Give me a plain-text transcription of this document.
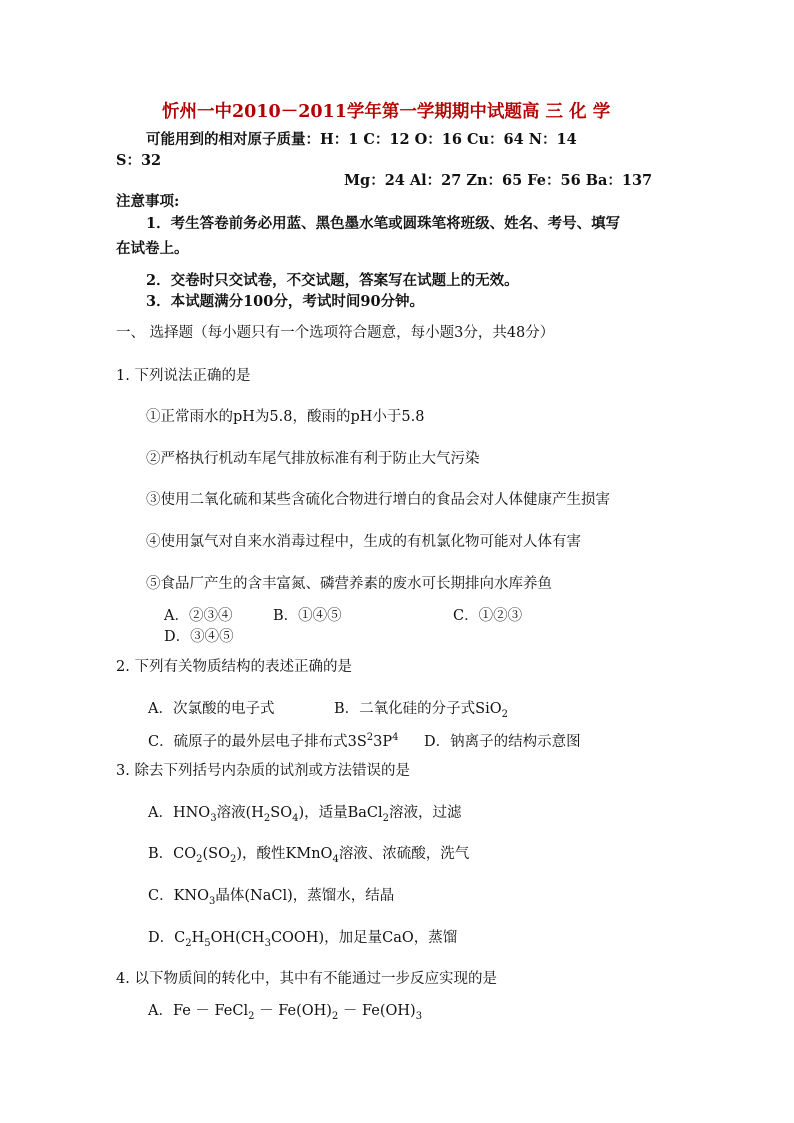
忻州一中2010－2011学年第一学期期中试题高 三 化 学
可能用到的相对原子质量：H：1 C：12 O：16 Cu：64 N：14
S：32
Mg：24 Al：27 Zn：65 Fe：56 Ba：137
注意事项:
1．考生答卷前务必用蓝、黑色墨水笔或圆珠笔将班级、姓名、考号、填写
在试卷上。
2．交卷时只交试卷，不交试题，答案写在试题上的无效。
3．本试题满分100分，考试时间90分钟。
一、 选择题（每小题只有一个选项符合题意，每小题3分，共48分）
1. 下列说法正确的是
①正常雨水的pH为5.8，酸雨的pH小于5.8
②严格执行机动车尾气排放标准有利于防止大气污染
③使用二氧化硫和某些含硫化合物进行增白的食品会对人体健康产生损害
④使用氯气对自来水消毒过程中，生成的有机氯化物可能对人体有害
⑤食品厂产生的含丰富氮、磷营养素的废水可长期排向水库养鱼
A．②③④	B．①④⑤	C．①②③
D．③④⑤
2. 下列有关物质结构的表述正确的是
A．次氯酸的电子式	B．二氧化硅的分子式SiO$_2$
C．硫原子的最外层电子排布式$3S^23P^4$ D．钠离子的结构示意图
3. 除去下列括号内杂质的试剂或方法错误的是
A．$HNO_3$溶液$(H_2SO_4)$，适量BaCl$_2$溶液，过滤
B．$CO_2(SO_2)$，酸性KMnO$_4$溶液、浓硫酸，洗气
C．$KNO_3$晶体(NaCl)，蒸馏水，结晶
D．$C_2H_5OH(CH_3COOH)$，加足量CaO，蒸馏
4. 以下物质间的转化中，其中有不能通过一步反应实现的是
A．Fe － FeCl$_2$ － $Fe(OH)_2 - Fe(OH)_3$
